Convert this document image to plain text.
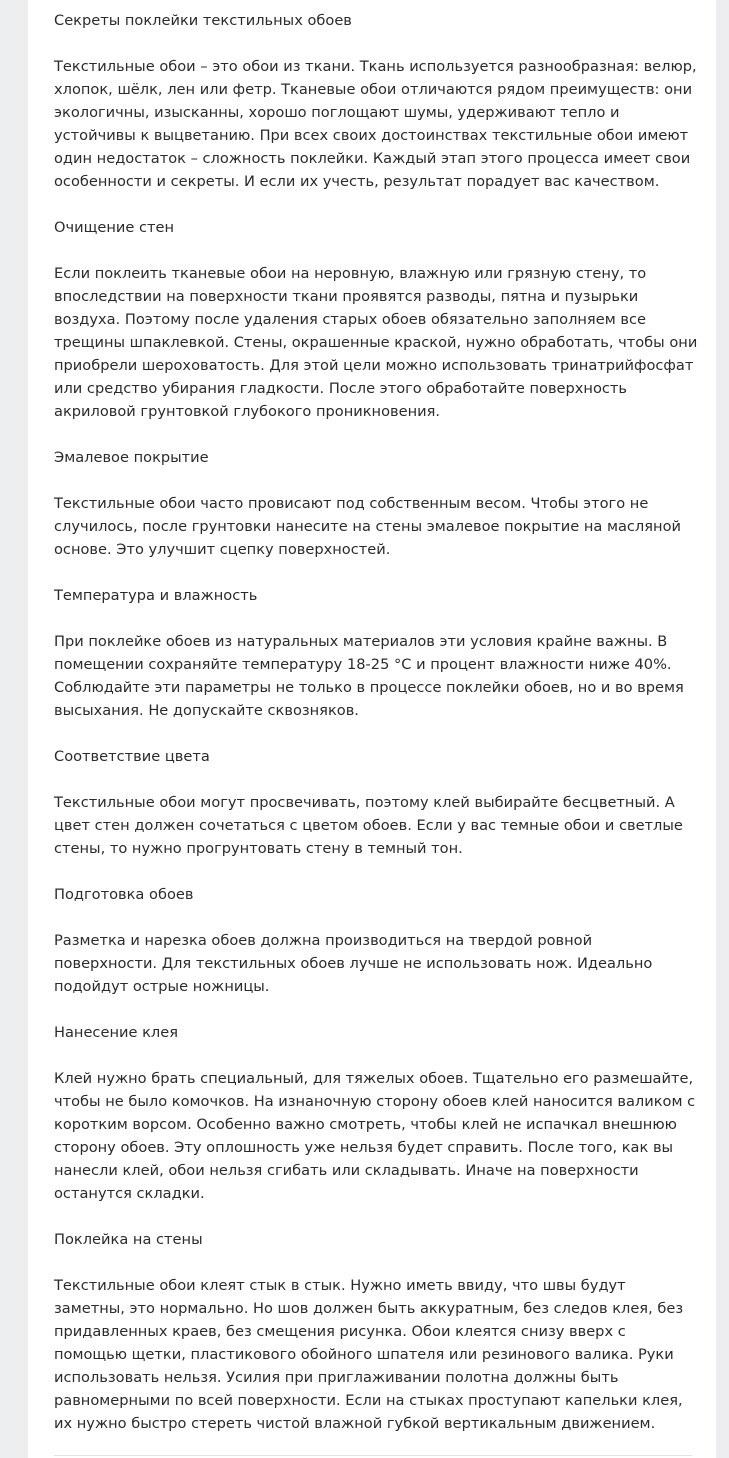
Секреты поклейки текстильных обоев

Текстильные обои – это обои из ткани. Ткань используется разнообразная: велюр, хлопок, шёлк, лен или фетр. Тканевые обои отличаются рядом преимуществ: они экологичны, изысканны, хорошо поглощают шумы, удерживают тепло и устойчивы к выцветанию. При всех своих достоинствах текстильные обои имеют один недостаток – сложность поклейки. Каждый этап этого процесса имеет свои особенности и секреты. И если их учесть, результат порадует вас качеством.

Очищение стен

Если поклеить тканевые обои на неровную, влажную или грязную стену, то впоследствии на поверхности ткани проявятся разводы, пятна и пузырьки воздуха. Поэтому после удаления старых обоев обязательно заполняем все трещины шпаклевкой. Стены, окрашенные краской, нужно обработать, чтобы они приобрели шероховатость. Для этой цели можно использовать тринатрийфосфат или средство убирания гладкости. После этого обработайте поверхность акриловой грунтовкой глубокого проникновения.

Эмалевое покрытие

Текстильные обои часто провисают под собственным весом. Чтобы этого не случилось, после грунтовки нанесите на стены эмалевое покрытие на масляной основе. Это улучшит сцепку поверхностей.

Температура и влажность

При поклейке обоев из натуральных материалов эти условия крайне важны. В помещении сохраняйте температуру 18-25 °С и процент влажности ниже 40%. Соблюдайте эти параметры не только в процессе поклейки обоев, но и во время высыхания. Не допускайте сквозняков.

Соответствие цвета

Текстильные обои могут просвечивать, поэтому клей выбирайте бесцветный. А цвет стен должен сочетаться с цветом обоев. Если у вас темные обои и светлые стены, то нужно прогрунтовать стену в темный тон.

Подготовка обоев

Разметка и нарезка обоев должна производиться на твердой ровной поверхности. Для текстильных обоев лучше не использовать нож. Идеально подойдут острые ножницы.

Нанесение клея

Клей нужно брать специальный, для тяжелых обоев. Тщательно его размешайте, чтобы не было комочков. На изнаночную сторону обоев клей наносится валиком с коротким ворсом. Особенно важно смотреть, чтобы клей не испачкал внешнюю сторону обоев. Эту оплошность уже нельзя будет справить. После того, как вы нанесли клей, обои нельзя сгибать или складывать. Иначе на поверхности останутся складки.

Поклейка на стены

Текстильные обои клеят стык в стык. Нужно иметь ввиду, что швы будут заметны, это нормально. Но шов должен быть аккуратным, без следов клея, без придавленных краев, без смещения рисунка. Обои клеятся снизу вверх с помощью щетки, пластикового обойного шпателя или резинового валика. Руки использовать нельзя. Усилия при приглаживании полотна должны быть равномерными по всей поверхности. Если на стыках проступают капельки клея, их нужно быстро стереть чистой влажной губкой вертикальным движением.
